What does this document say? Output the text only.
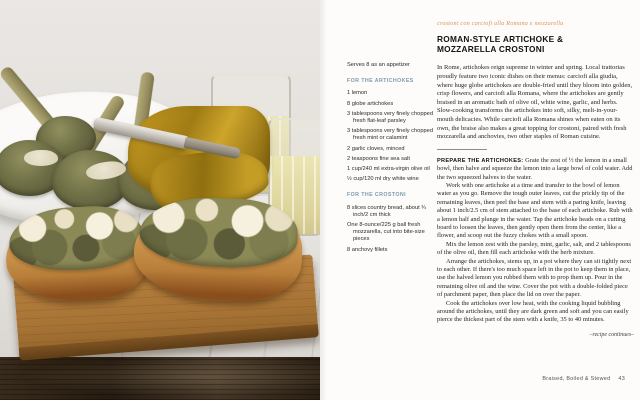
Serves 8 as an appetizer

FOR THE ARTICHOKES
1 lemon
8 globe artichokes
3 tablespoons very finely chopped fresh flat-leaf parsley
3 tablespoons very finely chopped fresh mint or calamint
2 garlic cloves, minced
2 teaspoons fine sea salt
1 cup/240 ml extra-virgin olive oil
½ cup/120 ml dry white wine
FOR THE CROSTONI
8 slices country bread, about ¾ inch/2 cm thick
One 8-ounce/225 g ball fresh mozzarella, cut into bite-size pieces
8 anchovy fillets

crostoni con carciofi alla Romana e mozzarella

ROMAN-STYLE ARTICHOKE &
MOZZARELLA CROSTONI

In Rome, artichokes reign supreme in winter and spring. Local trattorias proudly feature two iconic dishes on their menus: carciofi alla giudia, where huge globe artichokes are double-fried until they bloom into golden, crisp flowers, and carciofi alla Romana, where the artichokes are gently braised in an aromatic bath of olive oil, white wine, garlic, and herbs. Slow-cooking transforms the artichokes into soft, silky, melt-in-your-mouth delicacies. While carciofi alla Romana shines when eaten on its own, the braise also makes a great topping for crostoni, paired with fresh mozzarella and anchovies, two other staples of Roman cuisine.

PREPARE THE ARTICHOKES: Grate the zest of ½ the lemon in a small bowl, then halve and squeeze the lemon into a large bowl of cold water. Add the two squeezed halves to the water.

Work with one artichoke at a time and transfer to the bowl of lemon water as you go. Remove the tough outer leaves, cut the prickly tip of the remaining leaves, then peel the base and stem with a paring knife, leaving about 1 inch/2.5 cm of stem attached to the base of each artichoke. Rub with a lemon half and plunge in the water. Tap the artichoke heads on a cutting board to loosen the leaves, then gently open them from the center, like a flower, and scoop out the fuzzy chokes with a small spoon.

Mix the lemon zest with the parsley, mint, garlic, salt, and 2 tablespoons of the olive oil, then fill each artichoke with the herb mixture.

Arrange the artichokes, stems up, in a pot where they can sit tightly next to each other. If there's too much space left in the pot to keep them in place, use the halved lemon you rubbed them with to prop them up. Pour in the remaining olive oil and the wine. Cover the pot with a double-folded piece of parchment paper, then place the lid on over the paper.

Cook the artichokes over low heat, with the cooking liquid bubbling around the artichokes, until they are dark green and soft and you can easily pierce the thickest part of the stem with a knife, 35 to 40 minutes.

–recipe continues–

Braised, Boiled & Stewed 43
